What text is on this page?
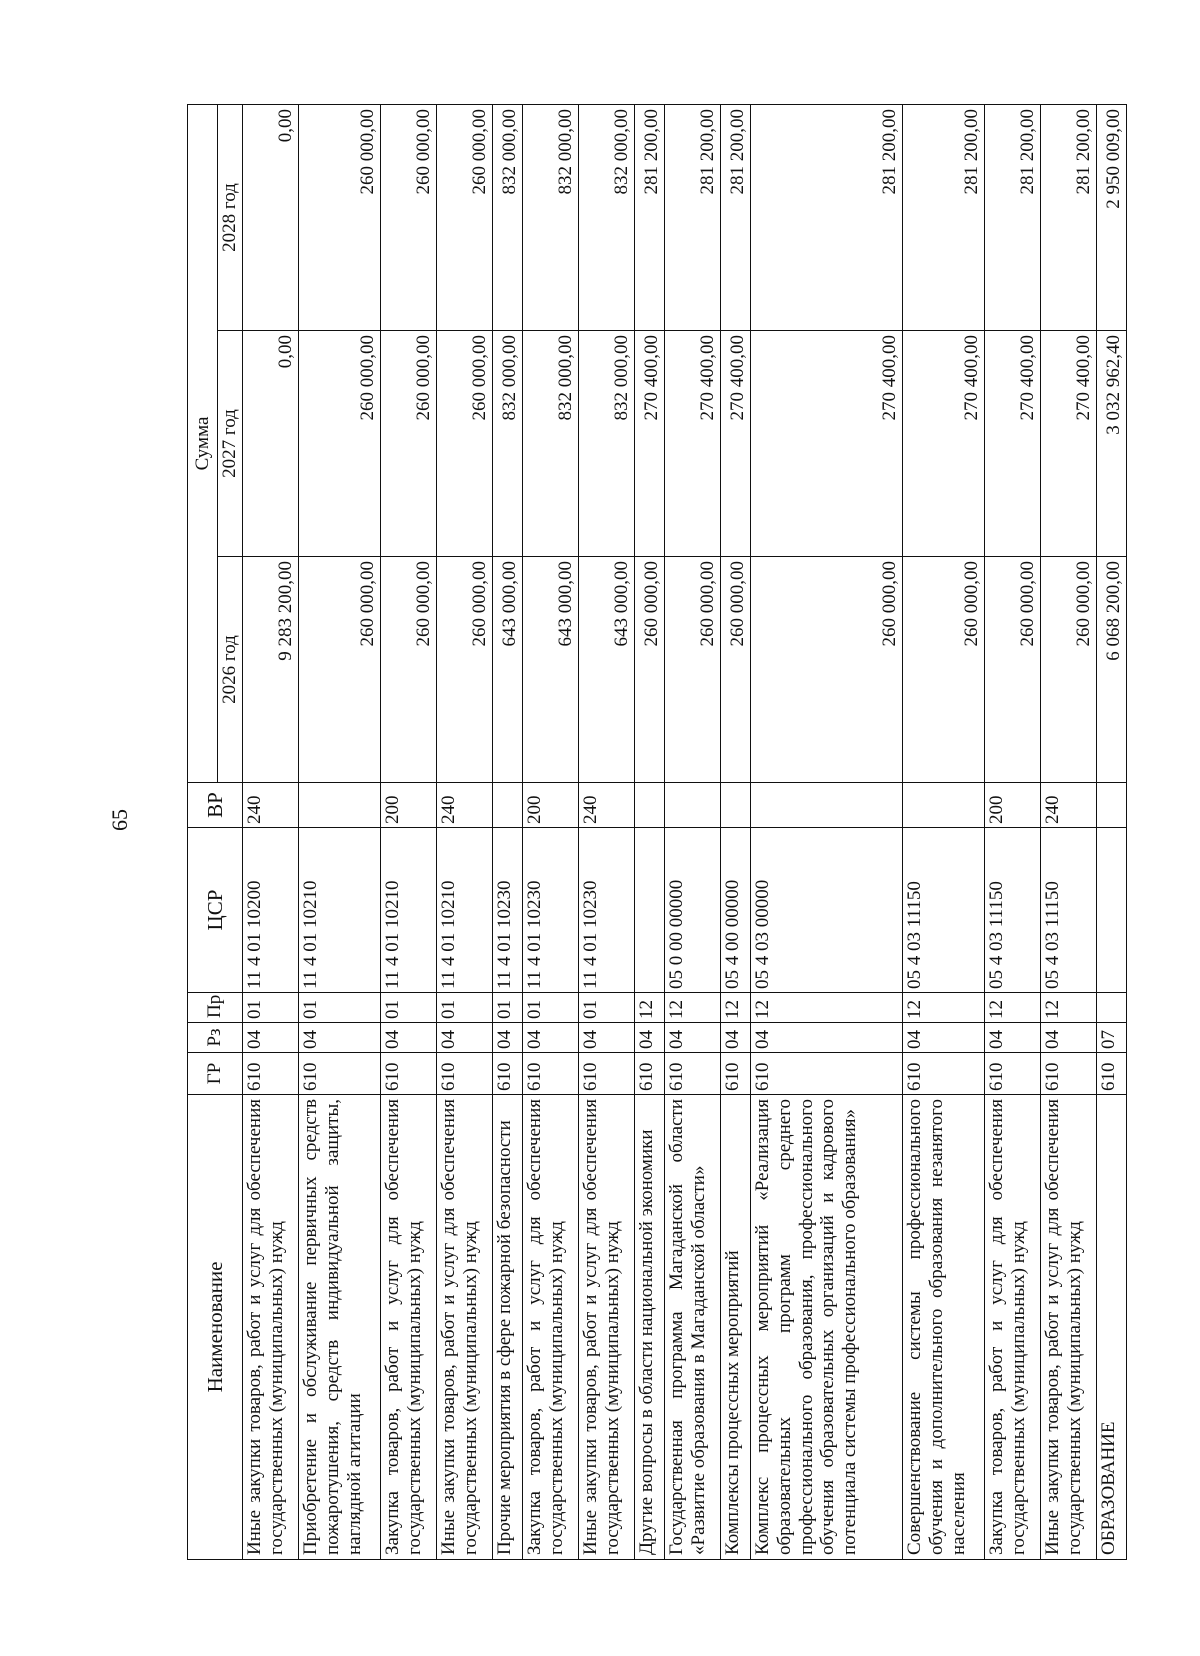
65
Наименование	ГР	Рз	Пр	ЦСР	ВР	Сумма		
						2026 год	2027 год	2028 год
Иные закупки товаров, работ и услуг для обеспечения государственных (муниципальных) нужд	610	04	01	11 4 01 10200	240	9 283 200,00	0,00	0,00
Приобретение и обслуживание первичных средств пожаротушения, средств индивидуальной защиты, наглядной агитации	610	04	01	11 4 01 10210		260 000,00	260 000,00	260 000,00
Закупка товаров, работ и услуг для обеспечения государственных (муниципальных) нужд	610	04	01	11 4 01 10210	200	260 000,00	260 000,00	260 000,00
Иные закупки товаров, работ и услуг для обеспечения государственных (муниципальных) нужд	610	04	01	11 4 01 10210	240	260 000,00	260 000,00	260 000,00
Прочие мероприятия в сфере пожарной безопасности	610	04	01	11 4 01 10230		643 000,00	832 000,00	832 000,00
Закупка товаров, работ и услуг для обеспечения государственных (муниципальных) нужд	610	04	01	11 4 01 10230	200	643 000,00	832 000,00	832 000,00
Иные закупки товаров, работ и услуг для обеспечения государственных (муниципальных) нужд	610	04	01	11 4 01 10230	240	643 000,00	832 000,00	832 000,00
Другие вопросы в области национальной экономики	610	04	12			260 000,00	270 400,00	281 200,00
Государственная программа Магаданской области «Развитие образования в Магаданской области»	610	04	12	05 0 00 00000		260 000,00	270 400,00	281 200,00
Комплексы процессных мероприятий	610	04	12	05 4 00 00000		260 000,00	270 400,00	281 200,00
Комплекс процессных мероприятий «Реализация образовательных программ среднего профессионального образования, профессионального обучения образовательных организаций и кадрового потенциала системы профессионального образования»	610	04	12	05 4 03 00000		260 000,00	270 400,00	281 200,00
Совершенствование системы профессионального обучения и дополнительного образования незанятого населения	610	04	12	05 4 03 11150		260 000,00	270 400,00	281 200,00
Закупка товаров, работ и услуг для обеспечения государственных (муниципальных) нужд	610	04	12	05 4 03 11150	200	260 000,00	270 400,00	281 200,00
Иные закупки товаров, работ и услуг для обеспечения государственных (муниципальных) нужд	610	04	12	05 4 03 11150	240	260 000,00	270 400,00	281 200,00
ОБРАЗОВАНИЕ	610	07				6 068 200,00	3 032 962,40	2 950 009,00
